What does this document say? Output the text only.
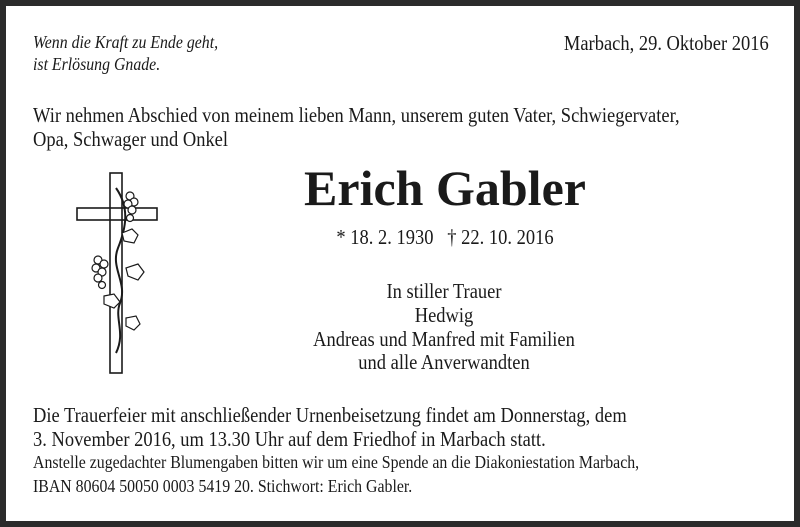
Wenn die Kraft zu Ende geht,
ist Erlösung Gnade.
Marbach, 29. Oktober 2016
Wir nehmen Abschied von meinem lieben Mann, unserem guten Vater, Schwiegervater,
Opa, Schwager und Onkel
Erich Gabler
* 18. 2. 1930   † 22. 10. 2016
In stiller Trauer
Hedwig
Andreas und Manfred mit Familien
und alle Anverwandten
Die Trauerfeier mit anschließender Urnenbeisetzung findet am Donnerstag, dem
3. November 2016, um 13.30 Uhr auf dem Friedhof in Marbach statt.
Anstelle zugedachter Blumengaben bitten wir um eine Spende an die Diakoniestation Marbach,
IBAN 80604 50050 0003 5419 20. Stichwort: Erich Gabler.
